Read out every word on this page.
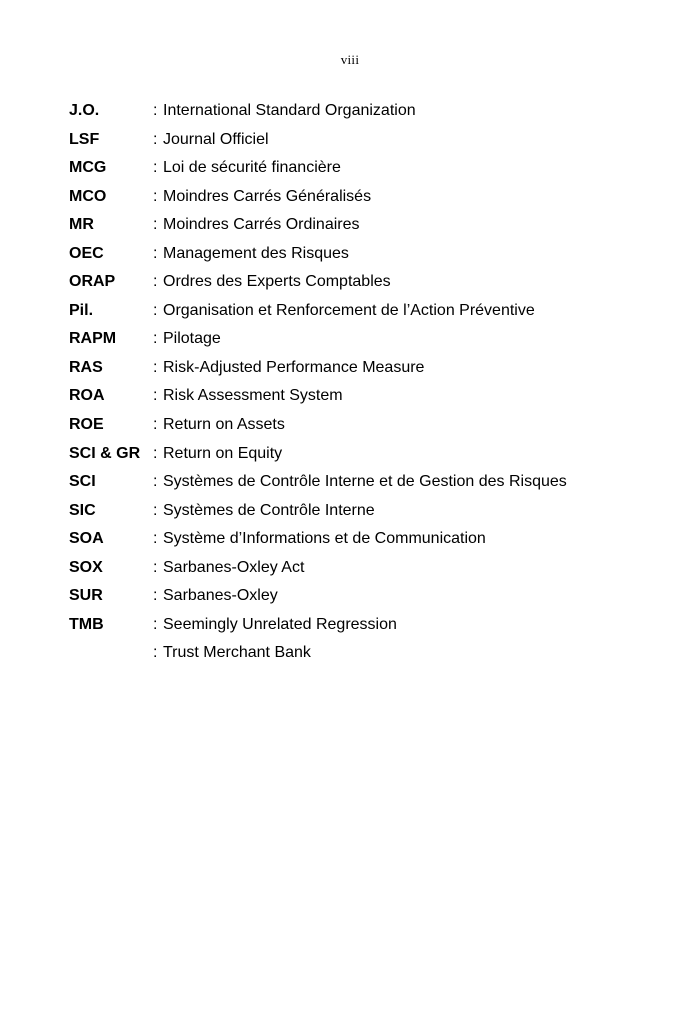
viii
J.O.	: International Standard Organization
LSF	: Journal Officiel
MCG	: Loi de sécurité financière
MCO	: Moindres Carrés Généralisés
MR	: Moindres Carrés Ordinaires
OEC	: Management des Risques
ORAP	: Ordres des Experts Comptables
Pil.	: Organisation et Renforcement de l’Action Préventive
RAPM	: Pilotage
RAS	: Risk-Adjusted Performance Measure
ROA	: Risk Assessment System
ROE	: Return on Assets
SCI & GR : Return on Equity
SCI	: Systèmes de Contrôle Interne et de Gestion des Risques
SIC	: Systèmes de Contrôle Interne
SOA	: Système d’Informations et de Communication
SOX	: Sarbanes-Oxley Act
SUR	: Sarbanes-Oxley
TMB	: Seemingly Unrelated Regression
: Trust Merchant Bank
